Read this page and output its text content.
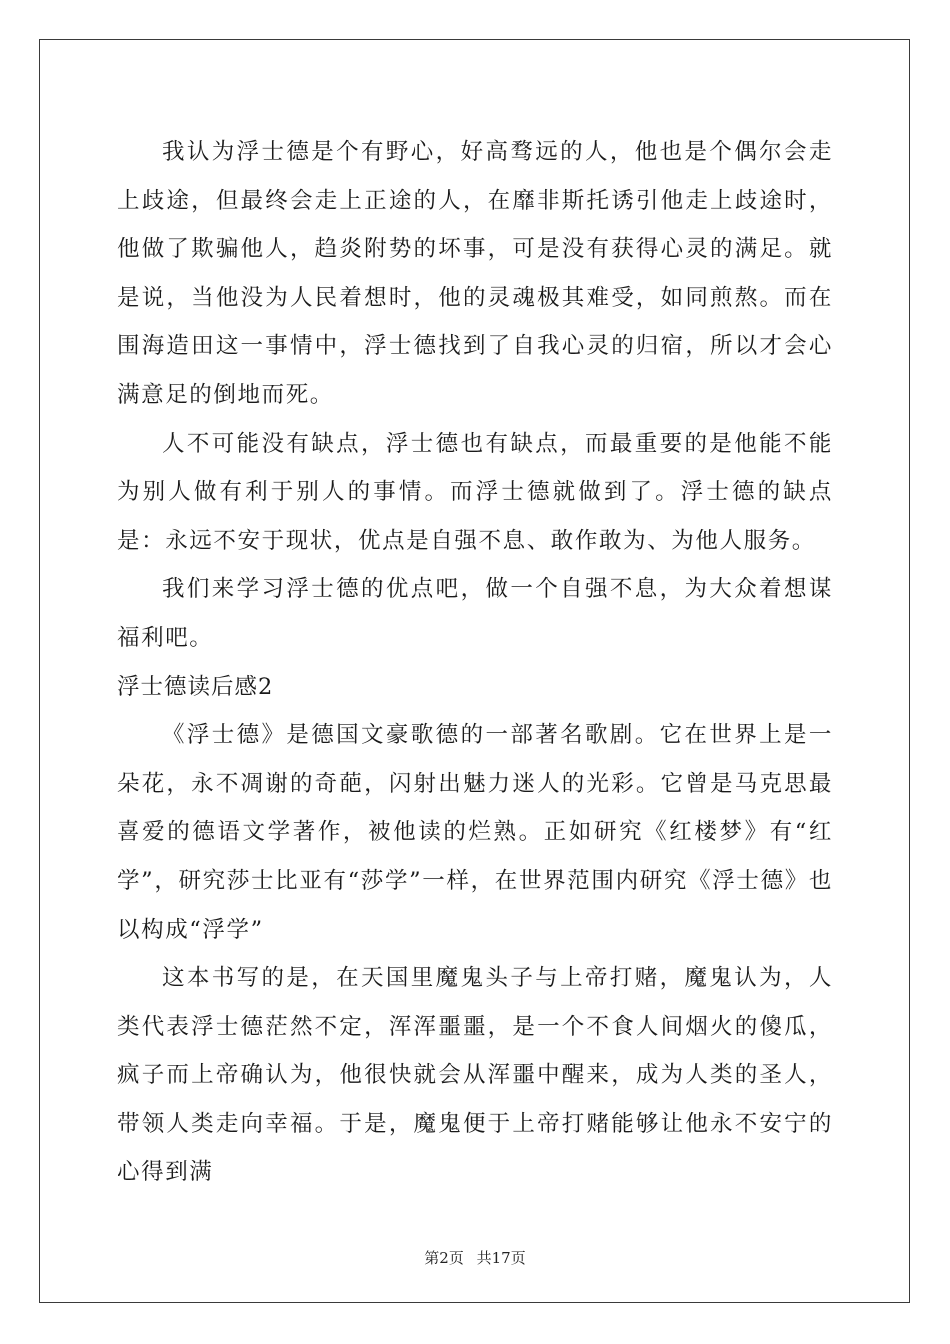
我认为浮士德是个有野心，好高骛远的人，他也是个偶尔会走上歧途，但最终会走上正途的人，在靡非斯托诱引他走上歧途时，他做了欺骗他人，趋炎附势的坏事，可是没有获得心灵的满足。就是说，当他没为人民着想时，他的灵魂极其难受，如同煎熬。而在围海造田这一事情中，浮士德找到了自我心灵的归宿，所以才会心满意足的倒地而死。

人不可能没有缺点，浮士德也有缺点，而最重要的是他能不能为别人做有利于别人的事情。而浮士德就做到了。浮士德的缺点是：永远不安于现状，优点是自强不息、敢作敢为、为他人服务。

我们来学习浮士德的优点吧，做一个自强不息，为大众着想谋福利吧。

浮士德读后感2

《浮士德》是德国文豪歌德的一部著名歌剧。它在世界上是一朵花，永不凋谢的奇葩，闪射出魅力迷人的光彩。它曾是马克思最喜爱的德语文学著作，被他读的烂熟。正如研究《红楼梦》有“红学”，研究莎士比亚有“莎学”一样，在世界范围内研究《浮士德》也以构成“浮学”

这本书写的是，在天国里魔鬼头子与上帝打赌，魔鬼认为，人类代表浮士德茫然不定，浑浑噩噩，是一个不食人间烟火的傻瓜，疯子而上帝确认为，他很快就会从浑噩中醒来，成为人类的圣人，带领人类走向幸福。于是，魔鬼便于上帝打赌能够让他永不安宁的心得到满

第2页 共17页
